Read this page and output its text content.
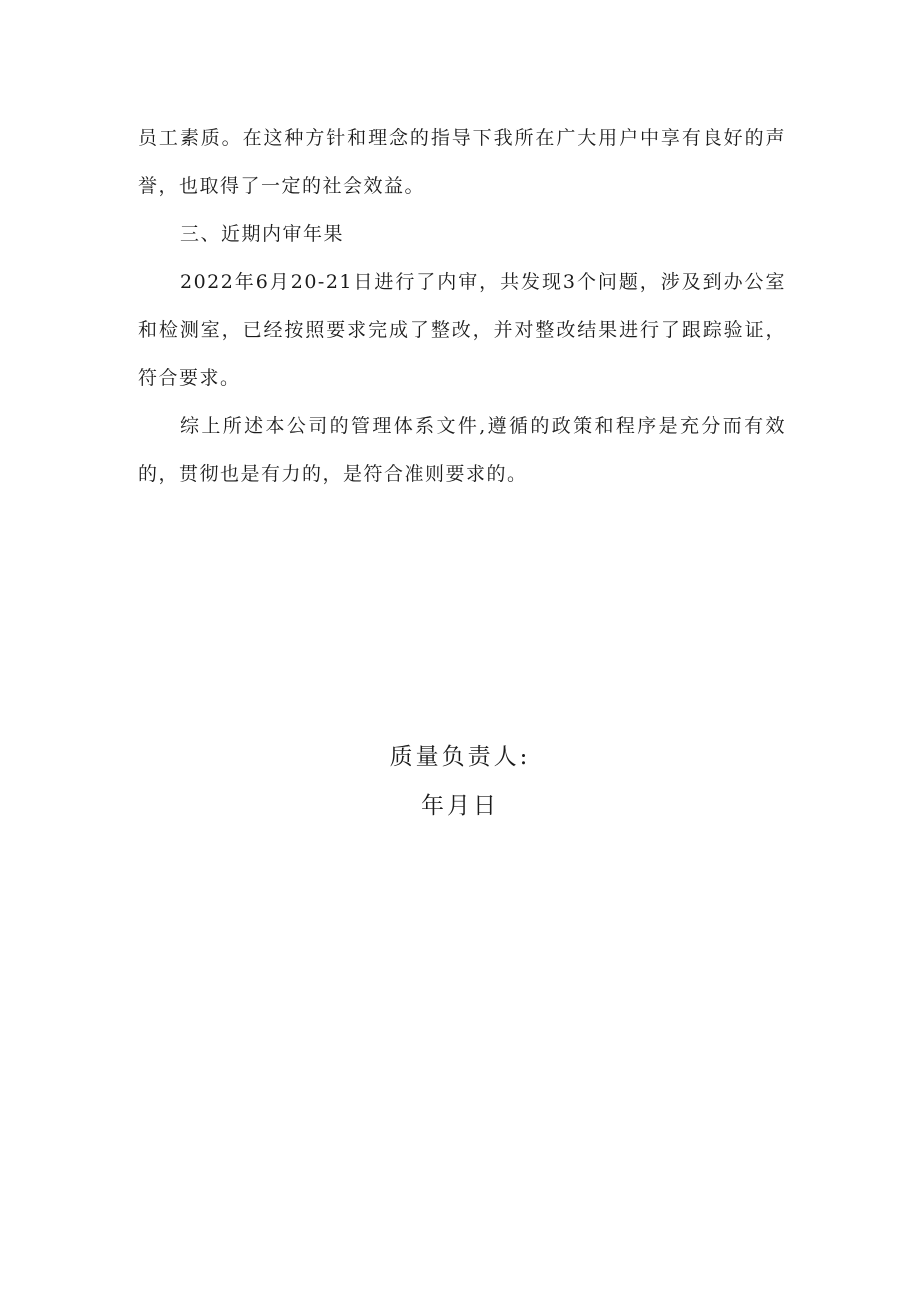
员工素质。在这种方针和理念的指导下我所在广大用户中享有良好的声誉，也取得了一定的社会效益。

三、近期内审年果

2022年6月20-21日进行了内审，共发现3个问题，涉及到办公室和检测室，已经按照要求完成了整改，并对整改结果进行了跟踪验证，符合要求。

综上所述本公司的管理体系文件,遵循的政策和程序是充分而有效的，贯彻也是有力的，是符合准则要求的。

质量负责人:
年月日
